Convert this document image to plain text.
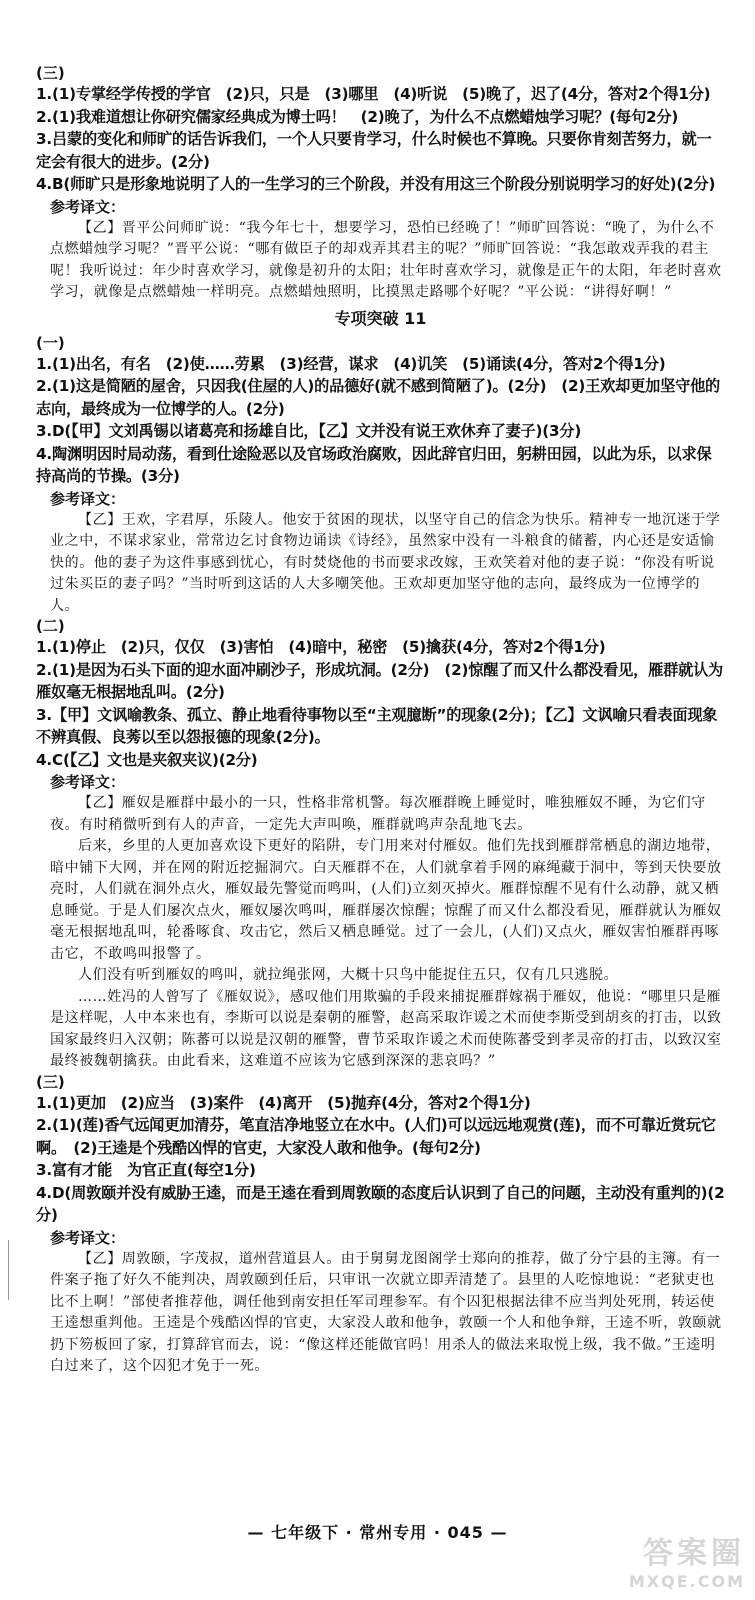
(三)
1.(1)专掌经学传授的学官　(2)只，只是　(3)哪里　(4)听说　(5)晚了，迟了(4分，答对2个得1分)
2.(1)我难道想让你研究儒家经典成为博士吗！　(2)晚了，为什么不点燃蜡烛学习呢？(每句2分)
3.吕蒙的变化和师旷的话告诉我们，一个人只要肯学习，什么时候也不算晚。只要你肯刻苦努力，就一定会有很大的进步。(2分)
4.B(师旷只是形象地说明了人的一生学习的三个阶段，并没有用这三个阶段分别说明学习的好处)(2分)
参考译文：

【乙】晋平公问师旷说：“我今年七十，想要学习，恐怕已经晚了！”师旷回答说：“晚了，为什么不点燃蜡烛学习呢？”晋平公说：“哪有做臣子的却戏弄其君主的呢？”师旷回答说：“我怎敢戏弄我的君主呢！我听说过：年少时喜欢学习，就像是初升的太阳；壮年时喜欢学习，就像是正午的太阳，年老时喜欢学习，就像是点燃蜡烛一样明亮。点燃蜡烛照明，比摸黑走路哪个好呢？”平公说：“讲得好啊！”

专项突破 11
(一)
1.(1)出名，有名　(2)使……劳累　(3)经营，谋求　(4)讥笑　(5)诵读(4分，答对2个得1分)
2.(1)这是简陋的屋舍，只因我(住屋的人)的品德好(就不感到简陋了)。(2分)　(2)王欢却更加坚守他的志向，最终成为一位博学的人。(2分)
3.D(【甲】文刘禹锡以诸葛亮和扬雄自比，【乙】文并没有说王欢休弃了妻子)(3分)
4.陶渊明因时局动荡，看到仕途险恶以及官场政治腐败，因此辞官归田，躬耕田园，以此为乐，以求保持高尚的节操。(3分)
参考译文：

【乙】王欢，字君厚，乐陵人。他安于贫困的现状，以坚守自己的信念为快乐。精神专一地沉迷于学业之中，不谋求家业，常常边乞讨食物边诵读《诗经》，虽然家中没有一斗粮食的储蓄，内心还是安适愉快的。他的妻子为这件事感到忧心，有时焚烧他的书而要求改嫁，王欢笑着对他的妻子说：“你没有听说过朱买臣的妻子吗？”当时听到这话的人大多嘲笑他。王欢却更加坚守他的志向，最终成为一位博学的人。

(二)
1.(1)停止　(2)只，仅仅　(3)害怕　(4)暗中，秘密　(5)擒获(4分，答对2个得1分)
2.(1)是因为石头下面的迎水面冲刷沙子，形成坑洞。(2分)　(2)惊醒了而又什么都没看见，雁群就认为雁奴毫无根据地乱叫。(2分)
3.【甲】文讽喻教条、孤立、静止地看待事物以至“主观臆断”的现象(2分)；【乙】文讽喻只看表面现象不辨真假、良莠以至以怨报德的现象(2分)。
4.C(【乙】文也是夹叙夹议)(2分)
参考译文：

【乙】雁奴是雁群中最小的一只，性格非常机警。每次雁群晚上睡觉时，唯独雁奴不睡，为它们守夜。有时稍微听到有人的声音，一定先大声叫唤，雁群就鸣声杂乱地飞去。

后来，乡里的人更加喜欢设下更好的陷阱，专门用来对付雁奴。他们先找到雁群常栖息的湖边地带，暗中铺下大网，并在网的附近挖掘洞穴。白天雁群不在，人们就拿着手网的麻绳藏于洞中，等到天快要放亮时，人们就在洞外点火，雁奴最先警觉而鸣叫，(人们)立刻灭掉火。雁群惊醒不见有什么动静，就又栖息睡觉。于是人们屡次点火，雁奴屡次鸣叫，雁群屡次惊醒；惊醒了而又什么都没看见，雁群就认为雁奴毫无根据地乱叫，轮番啄食、攻击它，然后又栖息睡觉。过了一会儿，(人们)又点火，雁奴害怕雁群再啄击它，不敢鸣叫报警了。

人们没有听到雁奴的鸣叫，就拉绳张网，大概十只鸟中能捉住五只，仅有几只逃脱。

……姓冯的人曾写了《雁奴说》，感叹他们用欺骗的手段来捕捉雁群嫁祸于雁奴，他说：“哪里只是雁是这样呢，人中本来也有，李斯可以说是秦朝的雁警，赵高采取诈谖之术而使李斯受到胡亥的打击，以致国家最终归入汉朝；陈蕃可以说是汉朝的雁警，曹节采取诈谖之术而使陈蕃受到孝灵帝的打击，以致汉室最终被魏朝擒获。由此看来，这难道不应该为它感到深深的悲哀吗？”

(三)
1.(1)更加　(2)应当　(3)案件　(4)离开　(5)抛弃(4分，答对2个得1分)
2.(1)(莲)香气远闻更加清芬，笔直洁净地竖立在水中。(人们)可以远远地观赏(莲)，而不可靠近赏玩它啊。　(2)王逵是个残酷凶悍的官吏，大家没人敢和他争。(每句2分)
3.富有才能　为官正直(每空1分)
4.D(周敦颐并没有威胁王逵，而是王逵在看到周敦颐的态度后认识到了自己的问题，主动没有重判的)(2分)
参考译文：

【乙】周敦颐，字茂叔，道州营道县人。由于舅舅龙图阁学士郑向的推荐，做了分宁县的主簿。有一件案子拖了好久不能判决，周敦颐到任后，只审讯一次就立即弄清楚了。县里的人吃惊地说：“老狱吏也比不上啊！”部使者推荐他，调任他到南安担任军司理参军。有个囚犯根据法律不应当判处死刑，转运使王逵想重判他。王逵是个残酷凶悍的官吏，大家没人敢和他争，敦颐一个人和他争辩，王逵不听，敦颐就扔下笏板回了家，打算辞官而去，说：“像这样还能做官吗！用杀人的做法来取悦上级，我不做。”王逵明白过来了，这个囚犯才免于一死。

— 七年级下 · 常州专用 · 045 —
答案圈
MXQE.COM
